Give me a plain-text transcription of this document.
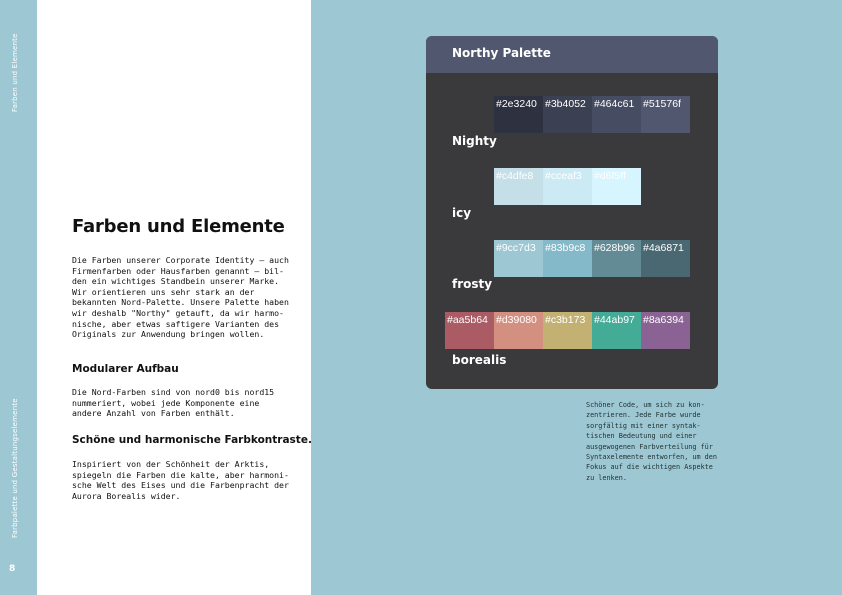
Farben und Elemente
Farbpalette und Gestaltungselemente
8
Farben und Elemente
Die Farben unserer Corporate Identity – auch
Firmenfarben oder Hausfarben genannt – bil-
den ein wichtiges Standbein unserer Marke.
Wir orientieren uns sehr stark an der
bekannten Nord-Palette. Unsere Palette haben
wir deshalb "Northy" getauft, da wir harmo-
nische, aber etwas saftigere Varianten des
Originals zur Anwendung bringen wollen.
Modularer Aufbau
Die Nord-Farben sind von nord0 bis nord15
nummeriert, wobei jede Komponente eine
andere Anzahl von Farben enthält.
Schöne und harmonische Farbkontraste.
Inspiriert von der Schönheit der Arktis,
spiegeln die Farben die kalte, aber harmoni-
sche Welt des Eises und die Farbenpracht der
Aurora Borealis wider.
Northy Palette
Nighty
icy
frosty
borealis
#2e3240 #3b4052 #464c61 #51576f
#c4dfe8 #cceaf3 #d6f5ff
#9cc7d3 #83b9c8 #628b96 #4a6871
#aa5b64 #d39080 #c3b173 #44ab97 #8a6394
Schöner Code, um sich zu kon-
zentrieren. Jede Farbe wurde
sorgfältig mit einer syntak-
tischen Bedeutung und einer
ausgewogenen Farbverteilung für
Syntaxelemente entworfen, um den
Fokus auf die wichtigen Aspekte
zu lenken.
